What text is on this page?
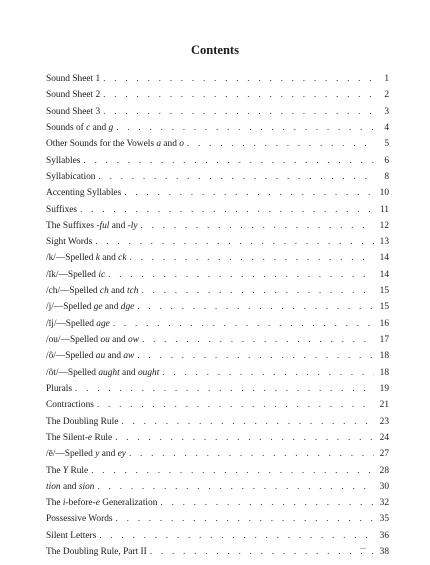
Contents
Sound Sheet 1 . . .	1
Sound Sheet 2 . . .	2
Sound Sheet 3 . . .	3
Sounds of c and g . . .	4
Other Sounds for the Vowels a and o . . .	5
Syllables . . .	6
Syllabication . . .	8
Accenting Syllables . . .	10
Suffixes . . .	11
The Suffixes -ful and -ly . . .	12
Sight Words . . .	13
/k/—Spelled k and ck . . .	14
/ĭk/—Spelled ic . . .	14
/ch/—Spelled ch and tch . . .	15
/j/—Spelled ge and dge . . .	15
/ĭj/—Spelled age . . .	16
/ou/—Spelled ou and ow . . .	17
/ô/—Spelled au and aw . . .	18
/ôt/—Spelled aught and ought . . .	18
Plurals . . .	19
Contractions . . .	21
The Doubling Rule . . .	23
The Silent-e Rule . . .	24
/ē/—Spelled y and ey . . .	27
The Y Rule . . .	28
tion and sion . . .	30
The i-before-e Generalization . . .	32
Possessive Words . . .	35
Silent Letters . . .	36
The Doubling Rule, Part II . . .	38
